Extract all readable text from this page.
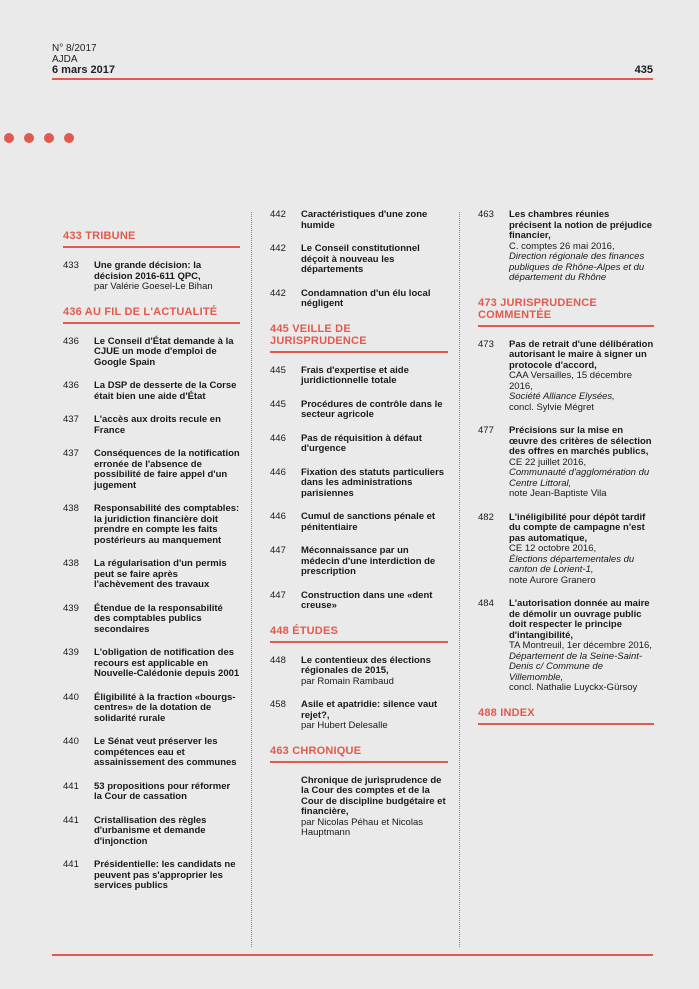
N° 8/2017
AJDA
6 mars 2017	435
433 TRIBUNE
433	Une grande décision: la décision 2016-611 QPC,
par Valérie Goesel-Le Bihan
436 AU FIL DE L'ACTUALITÉ
436	Le Conseil d'État demande à la CJUE un mode d'emploi de Google Spain
436	La DSP de desserte de la Corse était bien une aide d'État
437	L'accès aux droits recule en France
437	Conséquences de la notification erronée de l'absence de possibilité de faire appel d'un jugement
438	Responsabilité des comptables: la juridiction financière doit prendre en compte les faits postérieurs au manquement
438	La régularisation d'un permis peut se faire après l'achèvement des travaux
439	Étendue de la responsabilité des comptables publics secondaires
439	L'obligation de notification des recours est applicable en Nouvelle-Calédonie depuis 2001
440	Éligibilité à la fraction «bourgs-centres» de la dotation de solidarité rurale
440	Le Sénat veut préserver les compétences eau et assainissement des communes
441	53 propositions pour réformer la Cour de cassation
441	Cristallisation des règles d'urbanisme et demande d'injonction
441	Présidentielle: les candidats ne peuvent pas s'approprier les services publics
442	Caractéristiques d'une zone humide
442	Le Conseil constitutionnel déçoit à nouveau les départements
442	Condamnation d'un élu local négligent
445 VEILLE DE JURISPRUDENCE
445	Frais d'expertise et aide juridictionnelle totale
445	Procédures de contrôle dans le secteur agricole
446	Pas de réquisition à défaut d'urgence
446	Fixation des statuts particuliers dans les administrations parisiennes
446	Cumul de sanctions pénale et pénitentiaire
447	Méconnaissance par un médecin d'une interdiction de prescription
447	Construction dans une «dent creuse»
448 ÉTUDES
448	Le contentieux des élections régionales de 2015,
par Romain Rambaud
458	Asile et apatridie: silence vaut rejet?,
par Hubert Delesalle
463 CHRONIQUE
Chronique de jurisprudence de la Cour des comptes et de la Cour de discipline budgétaire et financière,
par Nicolas Péhau et Nicolas Hauptmann
463	Les chambres réunies précisent la notion de préjudice financier,
C. comptes 26 mai 2016,
Direction régionale des finances publiques de Rhône-Alpes et du département du Rhône
473 JURISPRUDENCE COMMENTÉE
473	Pas de retrait d'une délibération autorisant le maire à signer un protocole d'accord,
CAA Versailles, 15 décembre 2016,
Société Alliance Elysées,
concl. Sylvie Mégret
477	Précisions sur la mise en œuvre des critères de sélection des offres en marchés publics,
CE 22 juillet 2016,
Communauté d'agglomération du Centre Littoral,
note Jean-Baptiste Vila
482	L'inéligibilité pour dépôt tardif du compte de campagne n'est pas automatique,
CE 12 octobre 2016,
Élections départementales du canton de Lorient-1,
note Aurore Granero
484	L'autorisation donnée au maire de démolir un ouvrage public doit respecter le principe d'intangibilité,
TA Montreuil, 1er décembre 2016,
Département de la Seine-Saint-Denis c/ Commune de Villemomble,
concl. Nathalie Luyckx-Gürsoy
488 INDEX
